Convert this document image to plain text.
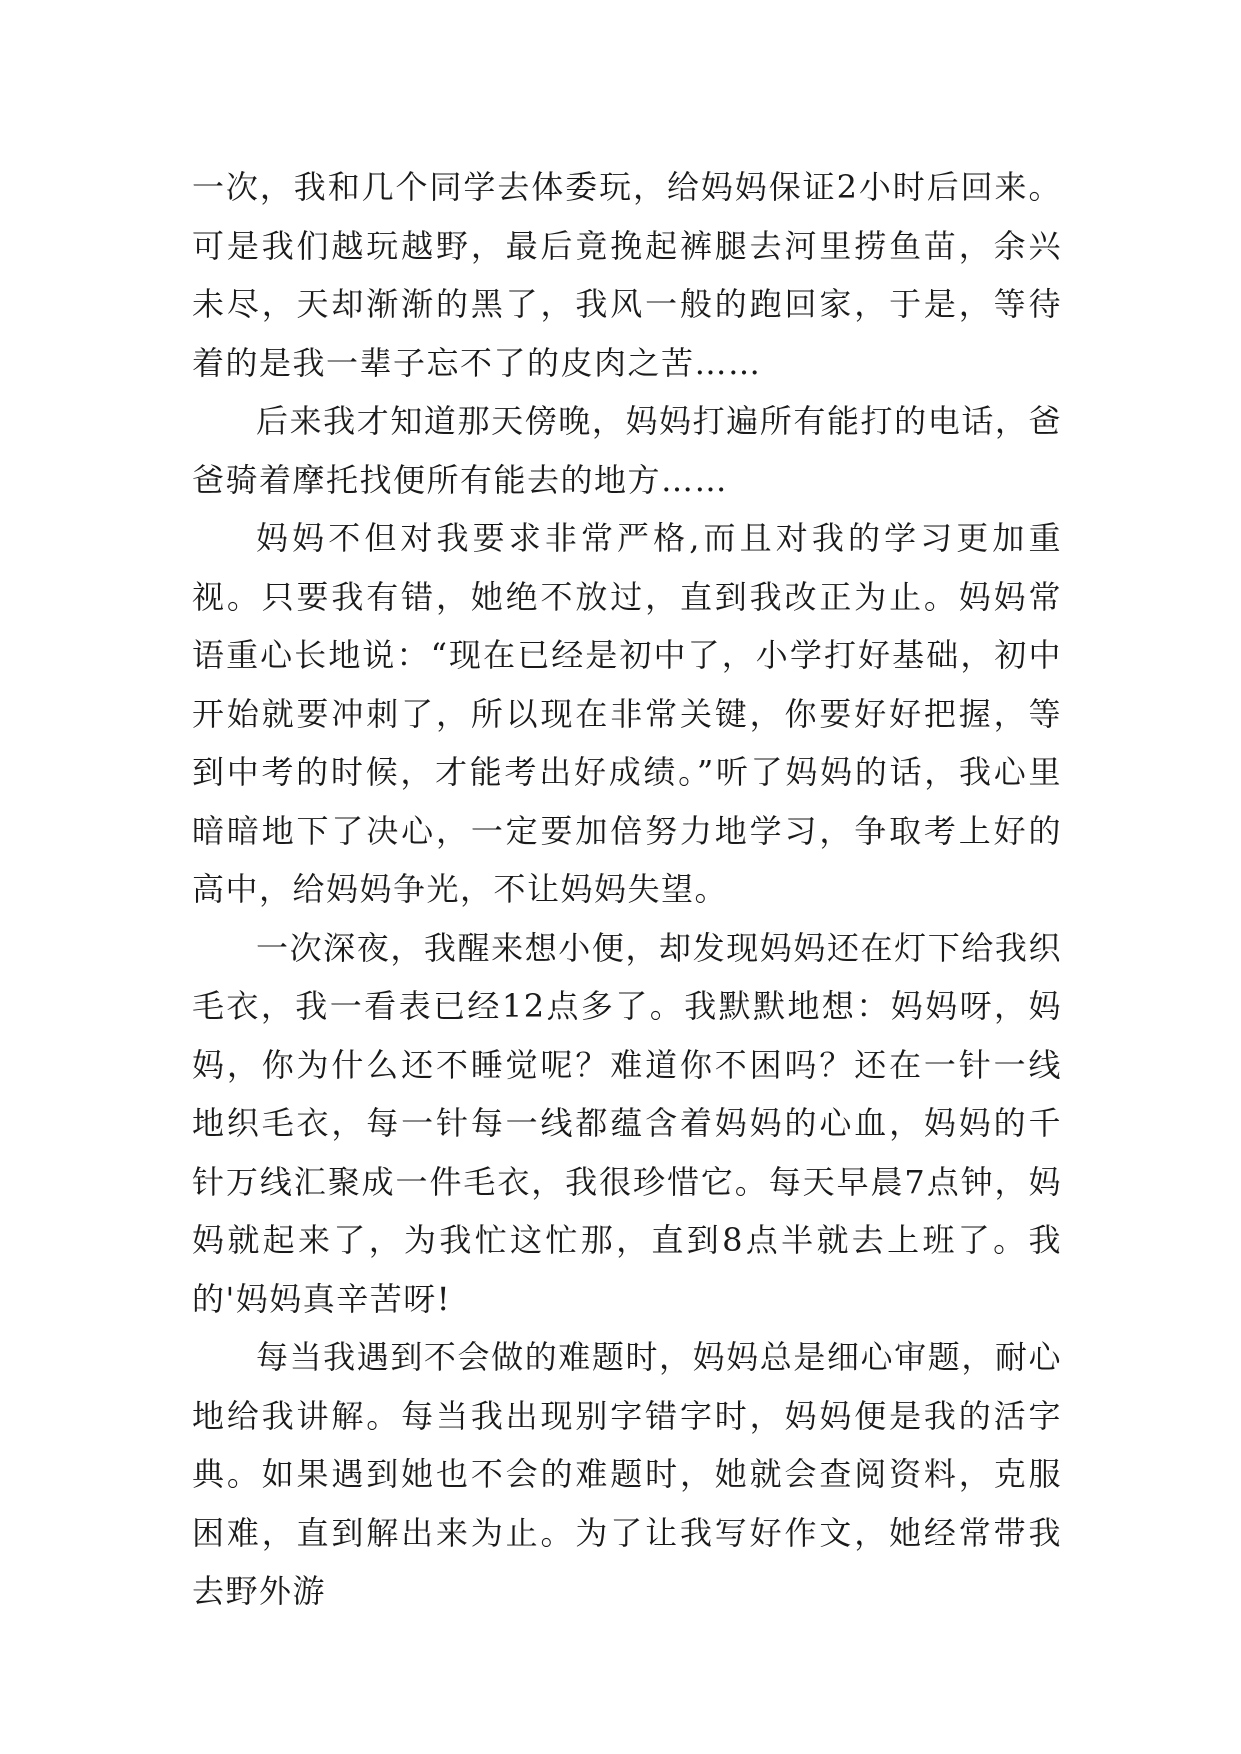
一次，我和几个同学去体委玩，给妈妈保证2小时后回来。可是我们越玩越野，最后竟挽起裤腿去河里捞鱼苗，余兴未尽，天却渐渐的黑了，我风一般的跑回家，于是，等待着的是我一辈子忘不了的皮肉之苦……

后来我才知道那天傍晚，妈妈打遍所有能打的电话，爸爸骑着摩托找便所有能去的地方……

妈妈不但对我要求非常严格,而且对我的学习更加重视。只要我有错，她绝不放过，直到我改正为止。妈妈常语重心长地说：“现在已经是初中了，小学打好基础，初中开始就要冲刺了，所以现在非常关键，你要好好把握，等到中考的时候，才能考出好成绩。”听了妈妈的话，我心里暗暗地下了决心，一定要加倍努力地学习，争取考上好的高中，给妈妈争光，不让妈妈失望。

一次深夜，我醒来想小便，却发现妈妈还在灯下给我织毛衣，我一看表已经12点多了。我默默地想：妈妈呀，妈妈，你为什么还不睡觉呢？难道你不困吗？还在一针一线地织毛衣，每一针每一线都蕴含着妈妈的心血，妈妈的千针万线汇聚成一件毛衣，我很珍惜它。每天早晨7点钟，妈妈就起来了，为我忙这忙那，直到8点半就去上班了。我的'妈妈真辛苦呀!

每当我遇到不会做的难题时，妈妈总是细心审题，耐心地给我讲解。每当我出现别字错字时，妈妈便是我的活字典。如果遇到她也不会的难题时，她就会查阅资料，克服困难，直到解出来为止。为了让我写好作文，她经常带我去野外游
